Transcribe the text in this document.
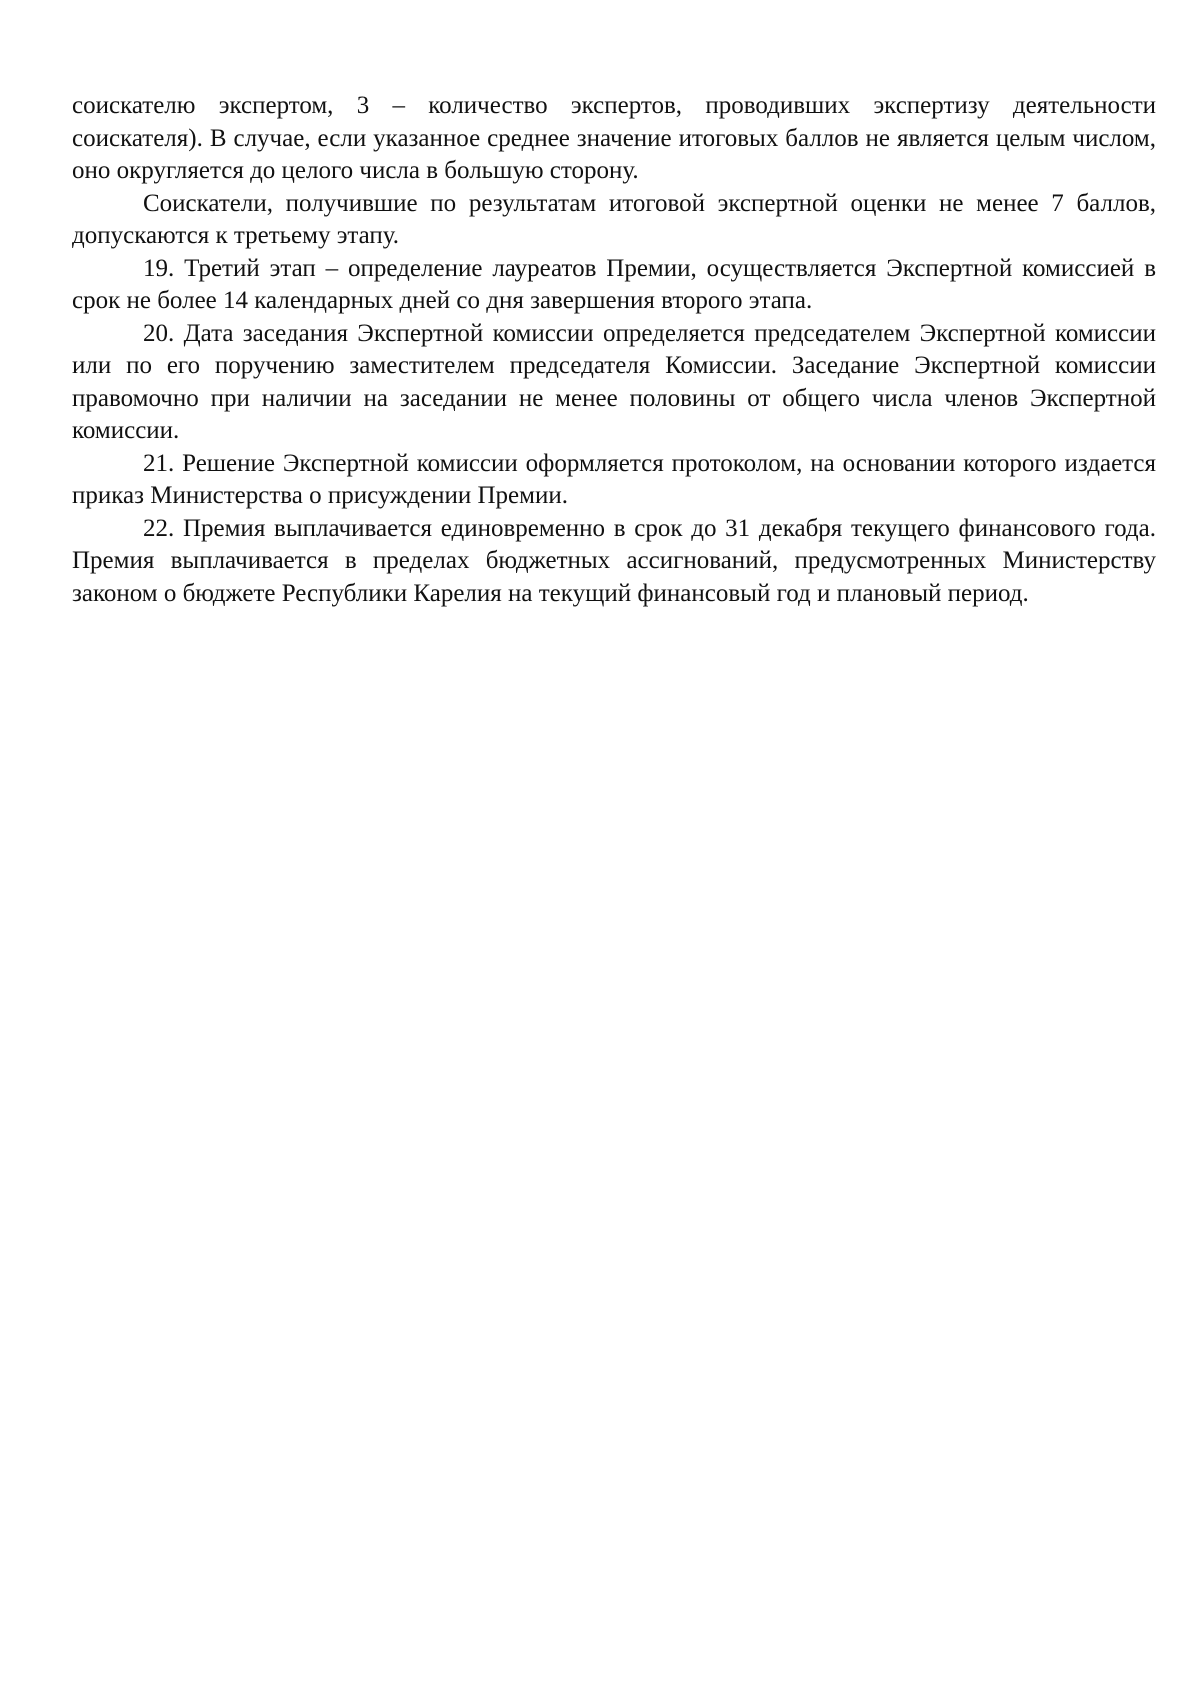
соискателю экспертом, 3 – количество экспертов, проводивших экспертизу деятельности соискателя). В случае, если указанное среднее значение итоговых баллов не является целым числом, оно округляется до целого числа в большую сторону.

Соискатели, получившие по результатам итоговой экспертной оценки не менее 7 баллов, допускаются к третьему этапу.

19. Третий этап – определение лауреатов Премии, осуществляется Экспертной комиссией в срок не более 14 календарных дней со дня завершения второго этапа.

20. Дата заседания Экспертной комиссии определяется председателем Экспертной комиссии или по его поручению заместителем председателя Комиссии. Заседание Экспертной комиссии правомочно при наличии на заседании не менее половины от общего числа членов Экспертной комиссии.

21. Решение Экспертной комиссии оформляется протоколом, на основании которого издается приказ Министерства о присуждении Премии.

22. Премия выплачивается единовременно в срок до 31 декабря текущего финансового года. Премия выплачивается в пределах бюджетных ассигнований, предусмотренных Министерству законом о бюджете Республики Карелия на текущий финансовый год и плановый период.
